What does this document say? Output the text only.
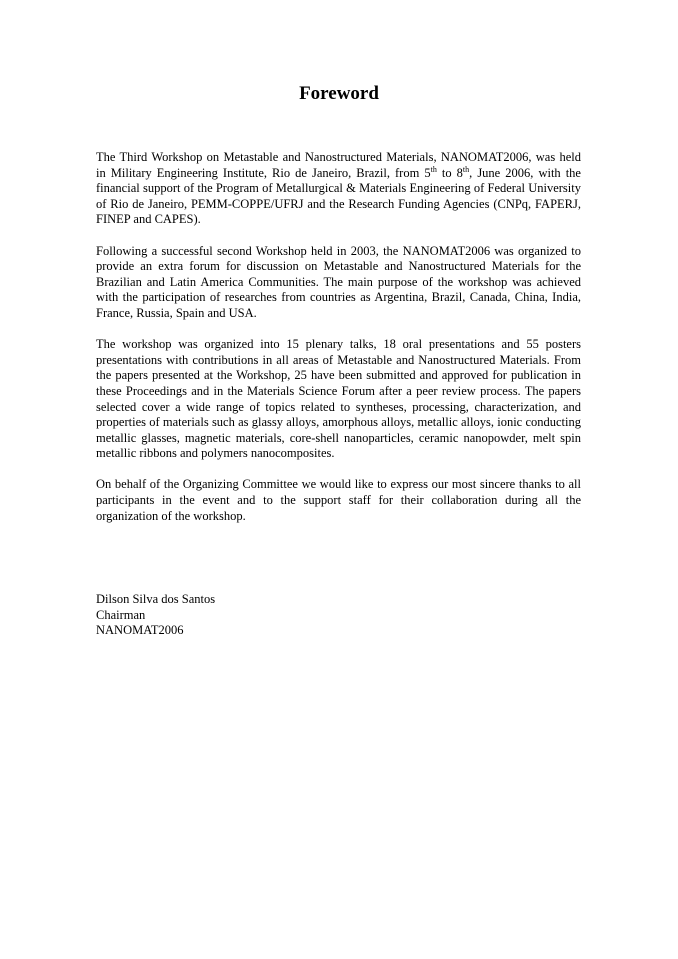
Foreword

The Third Workshop on Metastable and Nanostructured Materials, NANOMAT2006, was held in Military Engineering Institute, Rio de Janeiro, Brazil, from 5th to 8th, June 2006, with the financial support of the Program of Metallurgical & Materials Engineering of Federal University of Rio de Janeiro, PEMM-COPPE/UFRJ and the Research Funding Agencies (CNPq, FAPERJ, FINEP and CAPES).

Following a successful second Workshop held in 2003, the NANOMAT2006 was organized to provide an extra forum for discussion on Metastable and Nanostructured Materials for the Brazilian and Latin America Communities. The main purpose of the workshop was achieved with the participation of researches from countries as Argentina, Brazil, Canada, China, India, France, Russia, Spain and USA.

The workshop was organized into 15 plenary talks, 18 oral presentations and 55 posters presentations with contributions in all areas of Metastable and Nanostructured Materials. From the papers presented at the Workshop, 25 have been submitted and approved for publication in these Proceedings and in the Materials Science Forum after a peer review process. The papers selected cover a wide range of topics related to syntheses, processing, characterization, and properties of materials such as glassy alloys, amorphous alloys, metallic alloys, ionic conducting metallic glasses, magnetic materials, core-shell nanoparticles, ceramic nanopowder, melt spin metallic ribbons and polymers nanocomposites.

On behalf of the Organizing Committee we would like to express our most sincere thanks to all participants in the event and to the support staff for their collaboration during all the organization of the workshop.

Dilson Silva dos Santos
Chairman
NANOMAT2006
